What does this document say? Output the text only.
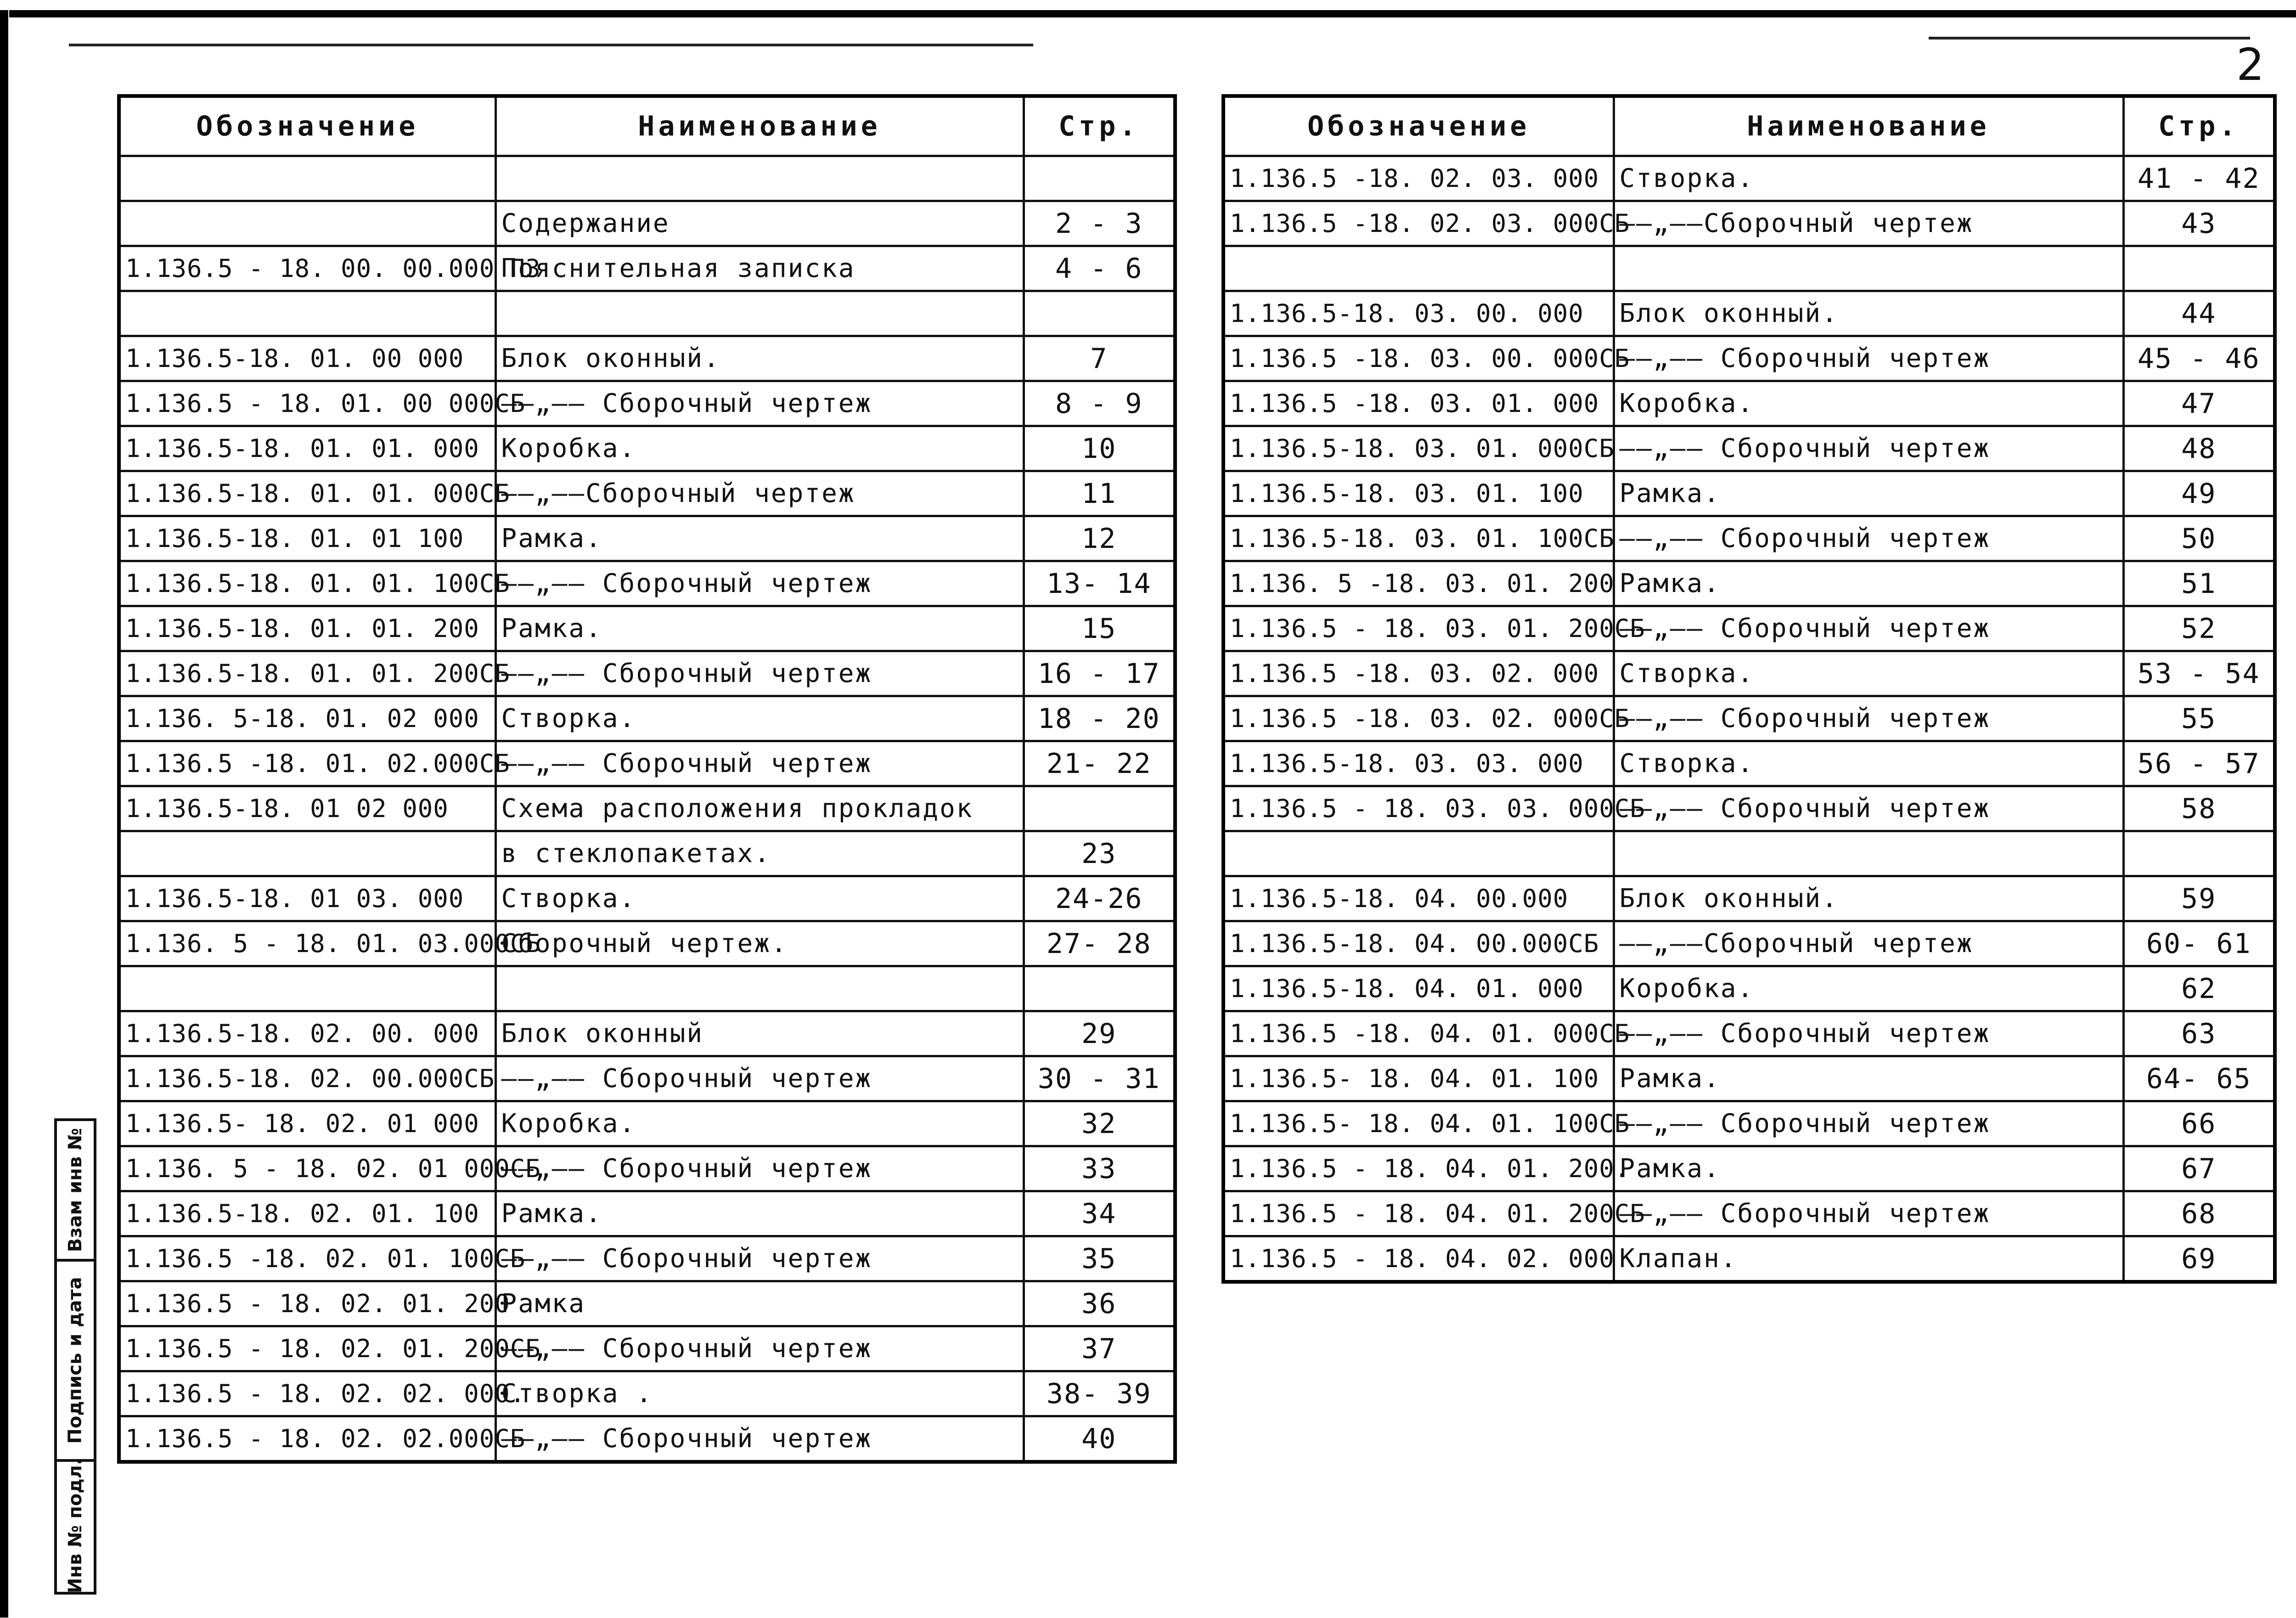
2
Обозначение	Наименование	Стр.

	Содержание	2 - 3
1.136.5 - 18. 00. 00.000 ПЗ	Пояснительная записка	4 - 6

1.136.5-18. 01. 00 000	Блок оконный.	7
1.136.5 - 18. 01. 00 000СБ	——„—— Сборочный чертеж	8 - 9
1.136.5-18. 01. 01. 000	Коробка.	10
1.136.5-18. 01. 01. 000СБ	——„——Сборочный чертеж	11
1.136.5-18. 01. 01 100	Рамка.	12
1.136.5-18. 01. 01. 100СБ	——„—— Сборочный чертеж	13- 14
1.136.5-18. 01. 01. 200	Рамка.	15
1.136.5-18. 01. 01. 200СБ	——„—— Сборочный чертеж	16 - 17
1.136. 5-18. 01. 02 000	Створка.	18 - 20
1.136.5 -18. 01. 02.000СБ	——„—— Сборочный чертеж	21- 22
1.136.5-18. 01 02 000	Схема расположения прокладок	
	в стеклопакетах.	23
1.136.5-18. 01 03. 000	Створка.	24-26
1.136. 5 - 18. 01. 03.000СБ	Сборочный чертеж.	27- 28

1.136.5-18. 02. 00. 000	Блок оконный	29
1.136.5-18. 02. 00.000СБ	——„—— Сборочный чертеж	30 - 31
1.136.5- 18. 02. 01 000	Коробка.	32
1.136. 5 - 18. 02. 01 000СБ	——„—— Сборочный чертеж	33
1.136.5-18. 02. 01. 100	Рамка.	34
1.136.5 -18. 02. 01. 100СБ	——„—— Сборочный чертеж	35
1.136.5 - 18. 02. 01. 200	Рамка	36
1.136.5 - 18. 02. 01. 200СБ	——„—— Сборочный чертеж	37
1.136.5 - 18. 02. 02. 000.	Створка .	38- 39
1.136.5 - 18. 02. 02.000СБ	——„—— Сборочный чертеж	40
Обозначение	Наименование	Стр.
1.136.5 -18. 02. 03. 000	Створка.	41 - 42
1.136.5 -18. 02. 03. 000СБ	——„——Сборочный чертеж	43

1.136.5-18. 03. 00. 000	Блок оконный.	44
1.136.5 -18. 03. 00. 000СБ	——„—— Сборочный чертеж	45 - 46
1.136.5 -18. 03. 01. 000	Коробка.	47
1.136.5-18. 03. 01. 000СБ	——„—— Сборочный чертеж	48
1.136.5-18. 03. 01. 100	Рамка.	49
1.136.5-18. 03. 01. 100СБ	——„—— Сборочный чертеж	50
1.136. 5 -18. 03. 01. 200	Рамка.	51
1.136.5 - 18. 03. 01. 200СБ	——„—— Сборочный чертеж	52
1.136.5 -18. 03. 02. 000	Створка.	53 - 54
1.136.5 -18. 03. 02. 000СБ	——„—— Сборочный чертеж	55
1.136.5-18. 03. 03. 000	Створка.	56 - 57
1.136.5 - 18. 03. 03. 000СБ	——„—— Сборочный чертеж	58

1.136.5-18. 04. 00.000	Блок оконный.	59
1.136.5-18. 04. 00.000СБ	——„——Сборочный чертеж	60- 61
1.136.5-18. 04. 01. 000	Коробка.	62
1.136.5 -18. 04. 01. 000СБ	——„—— Сборочный чертеж	63
1.136.5- 18. 04. 01. 100	Рамка.	64- 65
1.136.5- 18. 04. 01. 100СБ	——„—— Сборочный чертеж	66
1.136.5 - 18. 04. 01. 200.	Рамка.	67
1.136.5 - 18. 04. 01. 200СБ	——„—— Сборочный чертеж	68
1.136.5 - 18. 04. 02. 000	Клапан.	69
Взам инв №
Подпись и дата
Инв № подл.
